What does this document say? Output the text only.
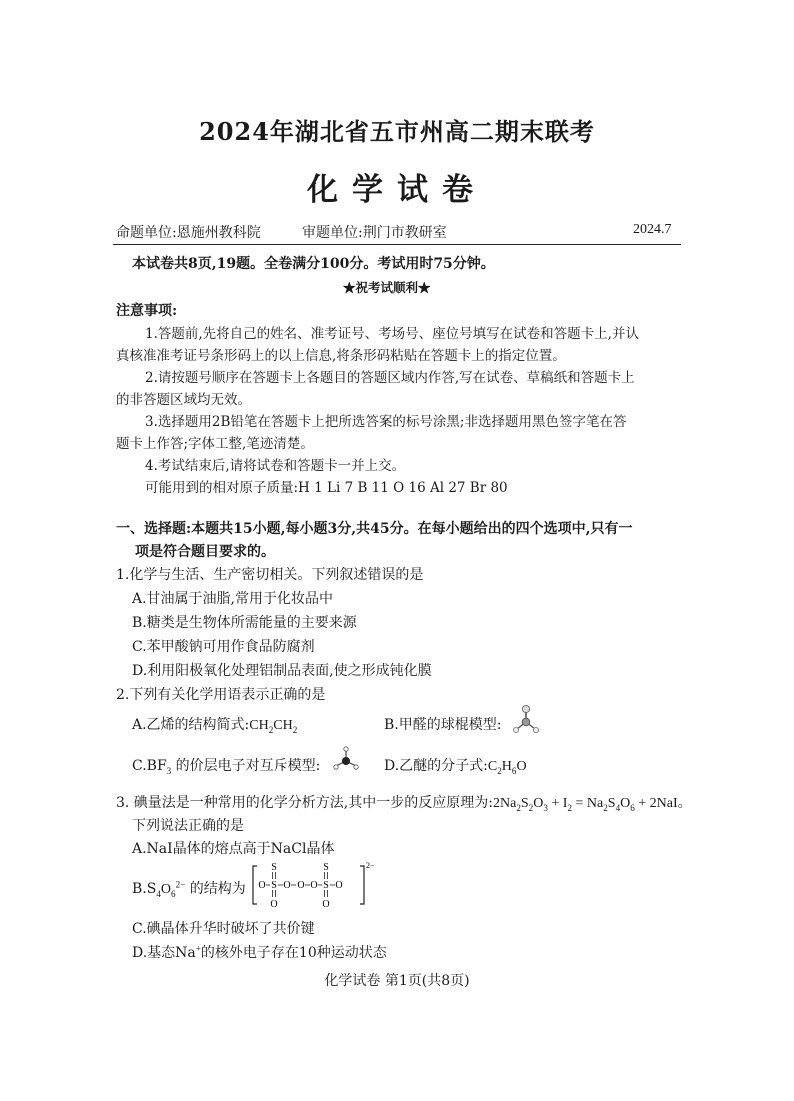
2024年湖北省五市州高二期末联考
化学试卷
命题单位:恩施州教科院	审题单位:荆门市教研室	2024.7
本试卷共8页,19题。全卷满分100分。考试用时75分钟。
★祝考试顺利★
注意事项:
1.答题前,先将自己的姓名、准考证号、考场号、座位号填写在试卷和答题卡上,并认
真核准准考证号条形码上的以上信息,将条形码粘贴在答题卡上的指定位置。
2.请按题号顺序在答题卡上各题目的答题区域内作答,写在试卷、草稿纸和答题卡上
的非答题区域均无效。
3.选择题用2B铅笔在答题卡上把所选答案的标号涂黑;非选择题用黑色签字笔在答
题卡上作答;字体工整,笔迹清楚。
4.考试结束后,请将试卷和答题卡一并上交。
可能用到的相对原子质量:H 1 Li 7 B 11 O 16 Al 27 Br 80
一、选择题:本题共15小题,每小题3分,共45分。在每小题给出的四个选项中,只有一
项是符合题目要求的。
1.化学与生活、生产密切相关。下列叙述错误的是
A.甘油属于油脂,常用于化妆品中
B.糖类是生物体所需能量的主要来源
C.苯甲酸钠可用作食品防腐剂
D.利用阳极氧化处理铝制品表面,使之形成钝化膜
2.下列有关化学用语表示正确的是
A.乙烯的结构简式$:CH_2CH_2$	B.甲醛的球棍模型:
$C.BF_3$ 的价层电子对互斥模型:	D.乙醚的分子式$:C_2H_6O$
3. 碘量法是一种常用的化学分析方法,其中一步的反应原理为$:2Na_2S_2O_3 + I_2 = Na_2S_4O_6 + 2NaI$。
下列说法正确的是
A.NaI晶体的熔点高于NaCl晶体
$B.S_4O_6^{2-}$ 的结构为
2−
S
O S O O O S O
O
S
O
C.碘晶体升华时破坏了共价键
D.基态Na+的核外电子存在10种运动状态
化学试卷 第1页(共8页)
